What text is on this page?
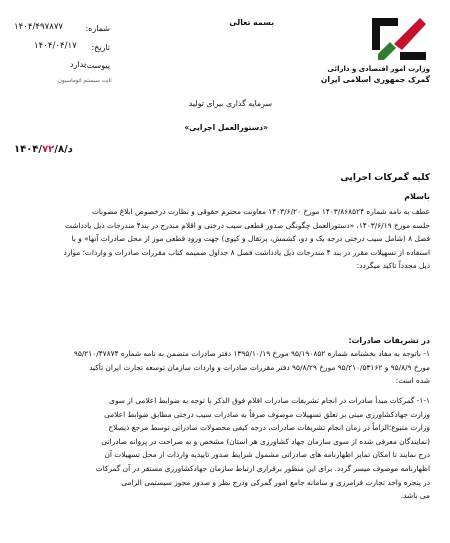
بسمه تعالی
وزارت امور اقتصادی و دارائی
گمرک جمهوری اسلامی ایران
شماره:
۱۴۰۴/۴۹۷۸۷۷
تاریخ:
۱۴۰۴/۰۴/۱۷
پیوست:
ندارد
ثابت سیستم اتوماسیون
سرمایه گذاری بیرای تولید
«دستورالعمل اجرایی»
د/۱۴۰۴/۷۲/۸
کلیه گمرکات اجرایی
باسلام
عطف به نامه شماره ۱۴۰۳/۸۶۸۵۲۴ مورخ ۱۴۰۳/۶/۲۰ معاونت محترم حقوقی و نظارت درخصوص ابلاغ مصوبات
جلسه مورخ ۱۴۰۳/۶/۱۹، «دستورالعمل چگونگی صدور قطعی سیب درختی و اقلام مندرج در بند۴ مندرجات ذیل یادداشت
فصل ۸ (شامل سیب درختی درجه یک و دو، کشمش، پرتقال و کیوی) جهت ورود قطعی موز از محل صادرات آنها» و با
استفاده از تسهیلات مقرر در بند ۴ مندرجات ذیل یادداشت فصل ۸ جداول ضمیمه کتاب مقررات صادرات و واردات؛ موارد
ذیل مجدداً تاکید میگردد:
در تشریفات صادرات:
۱- باتوجه به مفاد بخشنامه شماره ۹۵/۱۹۰۸۵۲ مورخ ۱۳۹۵/۱۰/۱۹ دفتر صادرات متضمن به نامه شماره ۹۵/۲۱۰/۴۷۸۷۴
مورخ ۹۵/۸/۹ و ۹۵/۲۱۰/۵۳۱۶۲ مورخ ۹۵/۸/۲۹ دفتر مقررات صادرات و واردات سازمان توسعه تجارت ایران تأکید
شده است:
۱-۱- گمرکات مبدأ صادرات در انجام تشریفات صادرات اقلام فوق الذکر با توجه به ضوابط اعلامی از سوی
وزارت جهادکشاورزی مبنی بر تعلق تسهیلات موصوف صرفاً به صادرات سیب درختی مطابق ضوابط اعلامی
وزارت متبوع؛الزاماً در زمان انجام تشریفات صادرات، درجه کیفی محصولات صادراتی توسط مرجع ذیصلاح
(نمایندگان معرفی شده از سوی سازمان جهاد کشاورزی هر استان) مشخص و به صراحت در پروانه صادراتی
درج نمایند تا امکان تمایز اظهارنامه های صادراتی مشمول شرایط صدور تاییدیه واردات از محل تسهیلات آن
اظهارنامه موصوف میسر گردد. برای این منظور برقراری ارتباط سازمان جهادکشاورزی مستقر در آن گمرکات
در پنجره واحد تجارت فرامرزی و سامانه جامع امور گمرکی ودرج نظر و صدور مجوز سیستمی الزامی
می باشد.
